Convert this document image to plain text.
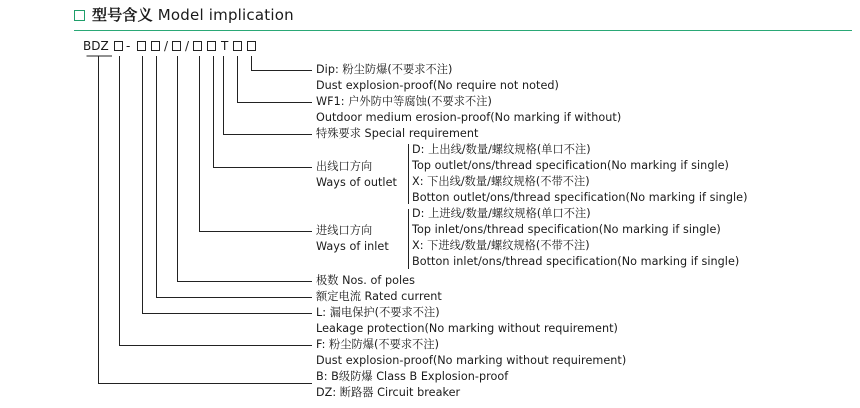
型号含义 Model implication
BDZ -	/ /	T
Dip: 粉尘防爆(不要求不注)
Dust explosion-proof(No require not noted)
WF1: 户外防中等腐蚀(不要求不注)
Outdoor medium erosion-proof(No marking if without)
特殊要求 Special requirement
出线口方向
Ways of outlet
D: 上出线/数量/螺纹规格(单口不注)
Top outlet/ons/thread specification(No marking if single)
X: 下出线/数量/螺纹规格(不带不注)
Botton outlet/ons/thread specification(No marking if single)
进线口方向
Ways of inlet
D: 上进线/数量/螺纹规格(单口不注)
Top inlet/ons/thread specification(No marking if single)
X: 下进线/数量/螺纹规格(不带不注)
Botton inlet/ons/thread specification(No marking if single)
极数 Nos. of poles
额定电流 Rated current
L: 漏电保护(不要求不注)
Leakage protection(No marking without requirement)
F: 粉尘防爆(不要求不注)
Dust explosion-proof(No marking without requirement)
B: B级防爆 Class B Explosion-proof
DZ: 断路器 Circuit breaker
